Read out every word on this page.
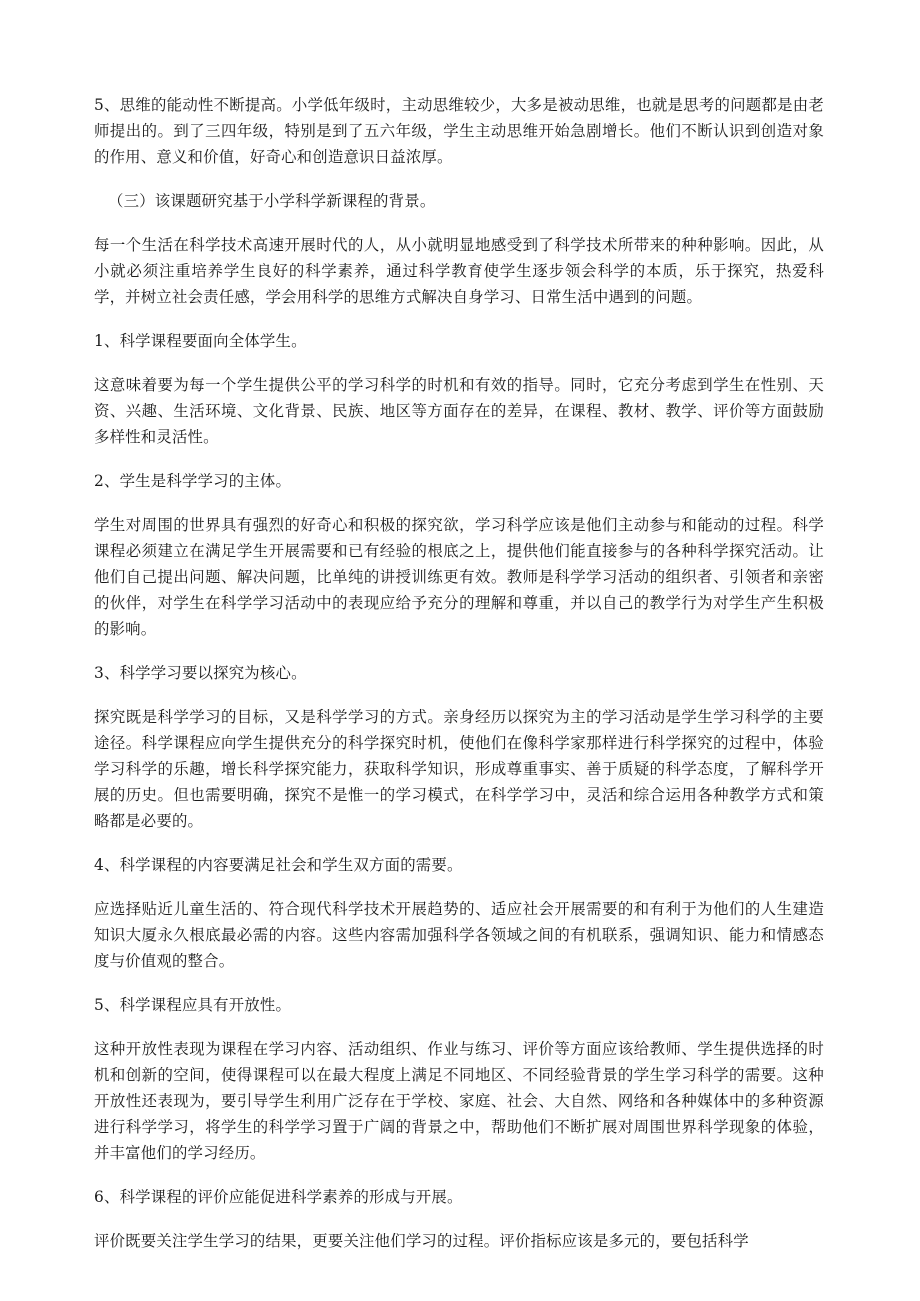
5、思维的能动性不断提高。小学低年级时，主动思维较少，大多是被动思维，也就是思考的问题都是由老师提出的。到了三四年级，特别是到了五六年级，学生主动思维开始急剧增长。他们不断认识到创造对象的作用、意义和价值，好奇心和创造意识日益浓厚。

（三）该课题研究基于小学科学新课程的背景。

每一个生活在科学技术高速开展时代的人，从小就明显地感受到了科学技术所带来的种种影响。因此，从小就必须注重培养学生良好的科学素养，通过科学教育使学生逐步领会科学的本质，乐于探究，热爱科学，并树立社会责任感，学会用科学的思维方式解决自身学习、日常生活中遇到的问题。

1、科学课程要面向全体学生。

这意味着要为每一个学生提供公平的学习科学的时机和有效的指导。同时，它充分考虑到学生在性别、天资、兴趣、生活环境、文化背景、民族、地区等方面存在的差异，在课程、教材、教学、评价等方面鼓励多样性和灵活性。

2、学生是科学学习的主体。

学生对周围的世界具有强烈的好奇心和积极的探究欲，学习科学应该是他们主动参与和能动的过程。科学课程必须建立在满足学生开展需要和已有经验的根底之上，提供他们能直接参与的各种科学探究活动。让他们自己提出问题、解决问题，比单纯的讲授训练更有效。教师是科学学习活动的组织者、引领者和亲密的伙伴，对学生在科学学习活动中的表现应给予充分的理解和尊重，并以自己的教学行为对学生产生积极的影响。

3、科学学习要以探究为核心。

探究既是科学学习的目标，又是科学学习的方式。亲身经历以探究为主的学习活动是学生学习科学的主要途径。科学课程应向学生提供充分的科学探究时机，使他们在像科学家那样进行科学探究的过程中，体验学习科学的乐趣，增长科学探究能力，获取科学知识，形成尊重事实、善于质疑的科学态度，了解科学开展的历史。但也需要明确，探究不是惟一的学习模式，在科学学习中，灵活和综合运用各种教学方式和策略都是必要的。

4、科学课程的内容要满足社会和学生双方面的需要。

应选择贴近儿童生活的、符合现代科学技术开展趋势的、适应社会开展需要的和有利于为他们的人生建造知识大厦永久根底最必需的内容。这些内容需加强科学各领域之间的有机联系，强调知识、能力和情感态度与价值观的整合。

5、科学课程应具有开放性。

这种开放性表现为课程在学习内容、活动组织、作业与练习、评价等方面应该给教师、学生提供选择的时机和创新的空间，使得课程可以在最大程度上满足不同地区、不同经验背景的学生学习科学的需要。这种开放性还表现为，要引导学生利用广泛存在于学校、家庭、社会、大自然、网络和各种媒体中的多种资源进行科学学习，将学生的科学学习置于广阔的背景之中，帮助他们不断扩展对周围世界科学现象的体验，并丰富他们的学习经历。

6、科学课程的评价应能促进科学素养的形成与开展。

评价既要关注学生学习的结果，更要关注他们学习的过程。评价指标应该是多元的，要包括科学
